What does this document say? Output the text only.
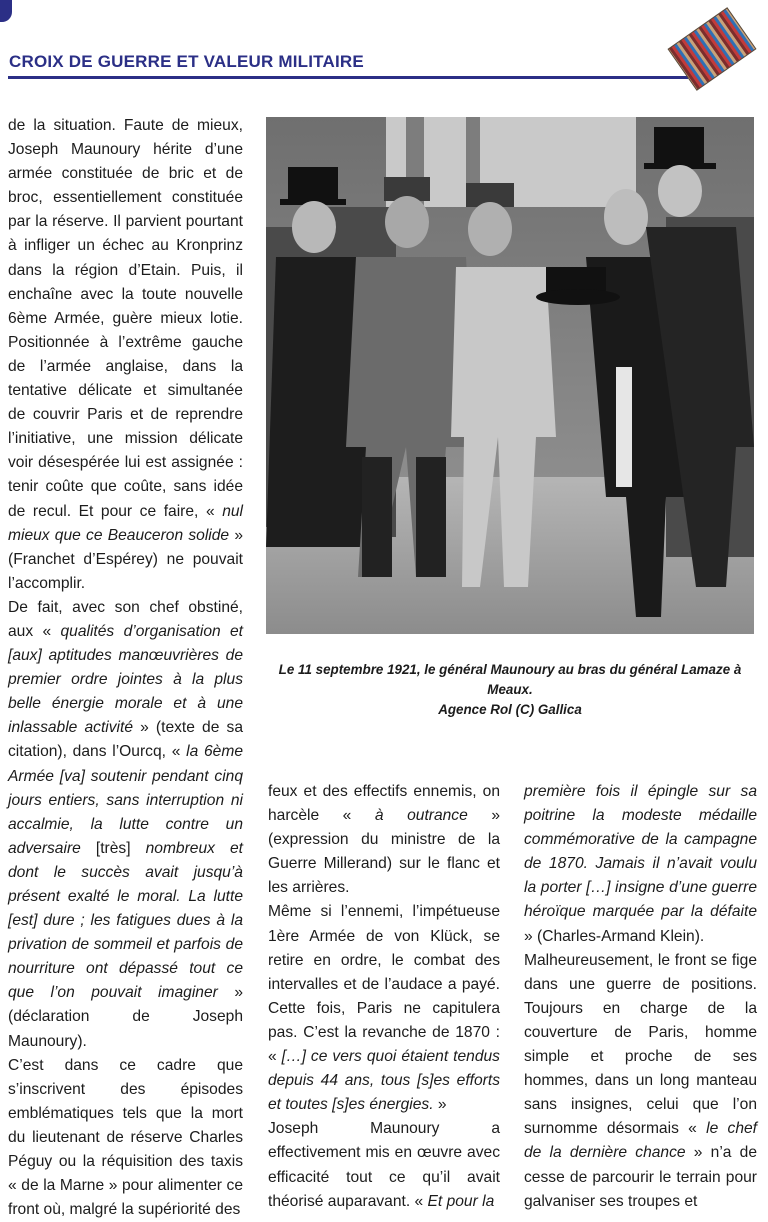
CROIX DE GUERRE ET VALEUR MILITAIRE

de la situation. Faute de mieux, Joseph Maunoury hérite d’une armée constituée de bric et de broc, essentiellement constituée par la réserve. Il parvient pourtant à infliger un échec au Kronprinz dans la région d’Etain. Puis, il enchaîne avec la toute nouvelle 6ème Armée, guère mieux lotie. Positionnée à l’extrême gauche de l’armée anglaise, dans la tentative délicate et simultanée de couvrir Paris et de reprendre l’initiative, une mission délicate voir désespérée lui est assignée : tenir coûte que coûte, sans idée de recul. Et pour ce faire, « nul mieux que ce Beauceron solide » (Franchet d’Espérey) ne pouvait l’accomplir.

De fait, avec son chef obstiné, aux « qualités d’organisation et [aux] aptitudes manœuvrières de premier ordre jointes à la plus belle énergie morale et à une inlassable activité » (texte de sa citation), dans l’Ourcq, « la 6ème Armée [va] soutenir pendant cinq jours entiers, sans interruption ni accalmie, la lutte contre un adversaire [très] nombreux et dont le succès avait jusqu’à présent exalté le moral. La lutte [est] dure ; les fatigues dues à la privation de sommeil et parfois de nourriture ont dépassé tout ce que l’on pouvait imaginer » (déclaration de Joseph Maunoury).

C’est dans ce cadre que s’inscrivent des épisodes emblématiques tels que la mort du lieutenant de réserve Charles Péguy ou la réquisition des taxis « de la Marne » pour alimenter ce front où, malgré la supériorité des

Le 11 septembre 1921, le général Maunoury au bras du général Lamaze à Meaux.
Agence Rol (C) Gallica

feux et des effectifs ennemis, on harcèle « à outrance » (expression du ministre de la Guerre Millerand) sur le flanc et les arrières.

Même si l’ennemi, l’impétueuse 1ère Armée de von Klück, se retire en ordre, le combat des intervalles et de l’audace a payé. Cette fois, Paris ne capitulera pas. C’est la revanche de 1870 : « […] ce vers quoi étaient tendus depuis 44 ans, tous [s]es efforts et toutes [s]es énergies. »

Joseph Maunoury a effectivement mis en œuvre avec efficacité tout ce qu’il avait théorisé auparavant. « Et pour la

première fois il épingle sur sa poitrine la modeste médaille commémorative de la campagne de 1870. Jamais il n’avait voulu la porter […] insigne d’une guerre héroïque marquée par la défaite » (Charles-Armand Klein).

Malheureusement, le front se fige dans une guerre de positions. Toujours en charge de la couverture de Paris, homme simple et proche de ses hommes, dans un long manteau sans insignes, celui que l’on surnomme désormais « le chef de la dernière chance » n’a de cesse de parcourir le terrain pour galvaniser ses troupes et
